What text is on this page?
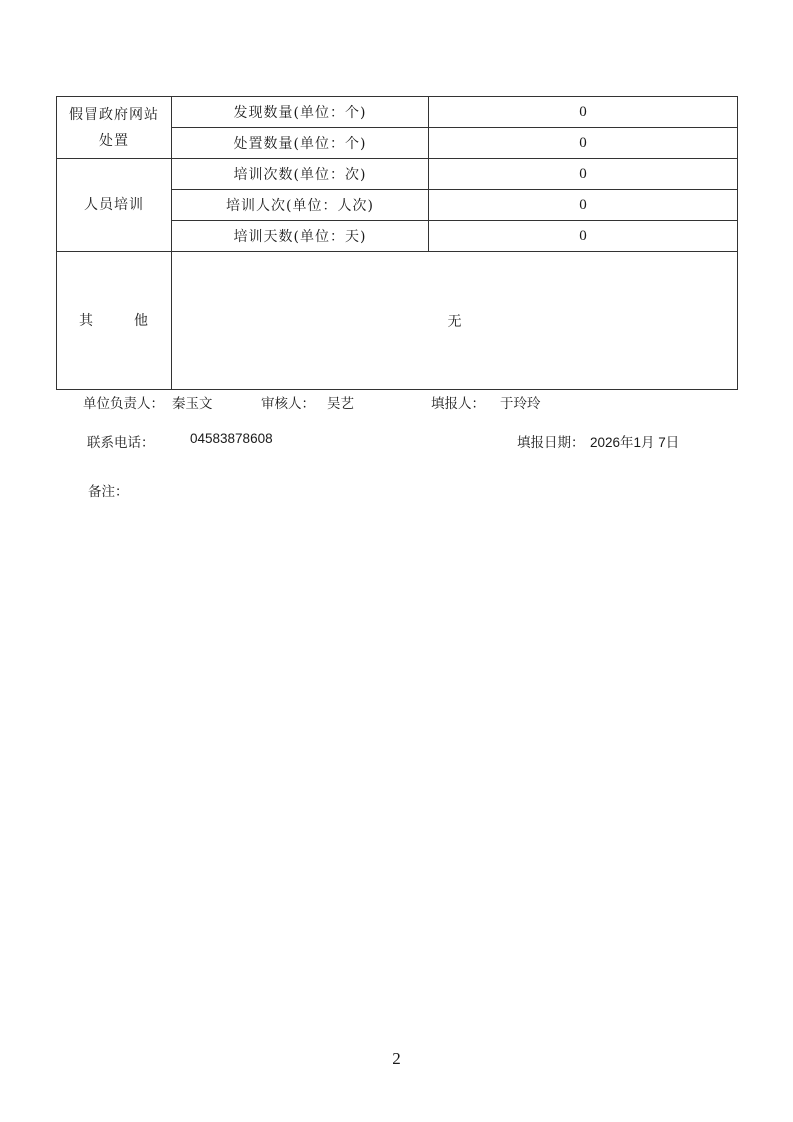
假冒政府网站
处置	发现数量(单位：个)	0
	处置数量(单位：个)	0
人员培训	培训次数(单位：次)	0
	培训人次(单位：人次)	0
	培训天数(单位：天)	0
其 他	无	
单位负责人： 秦玉文	审核人： 吴艺	填报人： 于玲玲
联系电话：	04583878608	填报日期： 2026年1月 7日
备注：
2
